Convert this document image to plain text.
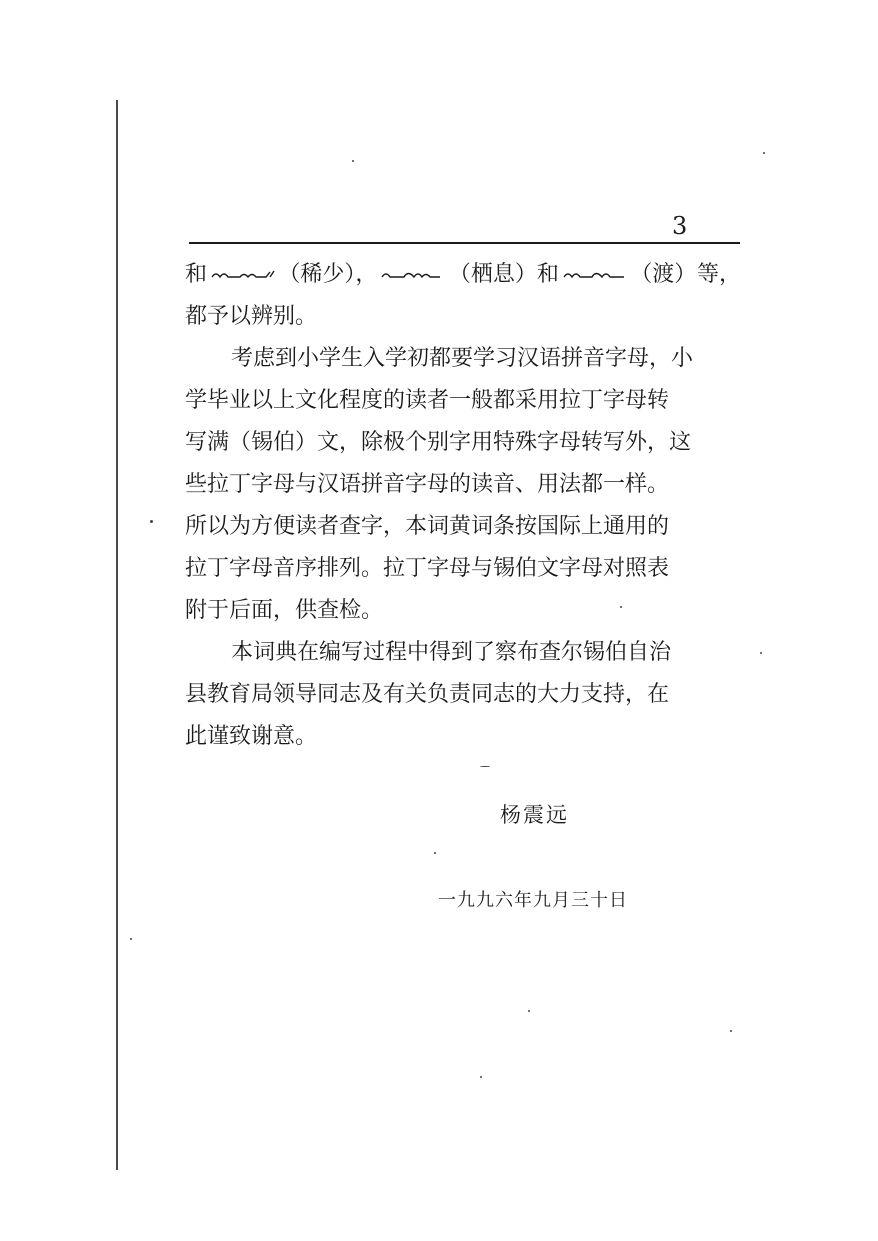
3
和	（稀少），	（栖息）和	（渡） 等，
都予以辨别。
考虑到小学生入学初都要学习汉语拼音字母，小
学毕业以上文化程度的读者一般都采用拉丁字母转
写满（锡伯）文，除极个别字用特殊字母转写外，这
些拉丁字母与汉语拼音字母的读音、用法都一样。
所以为方便读者查字，本词黄词条按国际上通用的
拉丁字母音序排列。拉丁字母与锡伯文字母对照表
附于后面，供查检。
本词典在编写过程中得到了察布查尔锡伯自治
县教育局领导同志及有关负责同志的大力支持，在
此谨致谢意。
杨震远
一九九六年九月三十日
